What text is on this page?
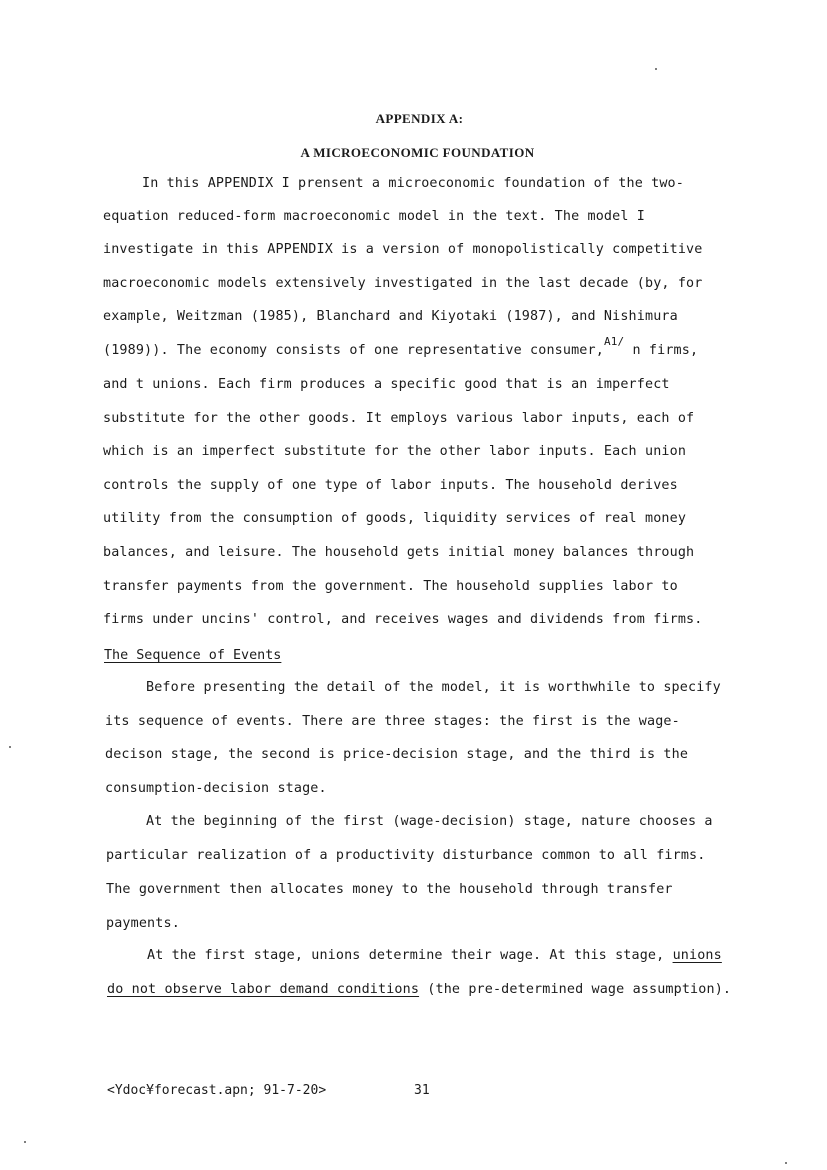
APPENDIX A:
A MICROECONOMIC FOUNDATION
In this APPENDIX I prensent a microeconomic foundation of the two-
equation reduced-form macroeconomic model in the text. The model I
investigate in this APPENDIX is a version of monopolistically competitive
macroeconomic models extensively investigated in the last decade (by, for
example, Weitzman (1985), Blanchard and Kiyotaki (1987), and Nishimura
(1989)). The economy consists of one representative consumer,$^{A1/}$ n firms,
and t unions. Each firm produces a specific good that is an imperfect
substitute for the other goods. It employs various labor inputs, each of
which is an imperfect substitute for the other labor inputs. Each union
controls the supply of one type of labor inputs. The household derives
utility from the consumption of goods, liquidity services of real money
balances, and leisure. The household gets initial money balances through
transfer payments from the government. The household supplies labor to
firms under uncins' control, and receives wages and dividends from firms.
The Sequence of Events
Before presenting the detail of the model, it is worthwhile to specify
its sequence of events. There are three stages: the first is the wage-
decison stage, the second is price-decision stage, and the third is the
consumption-decision stage.
At the beginning of the first (wage-decision) stage, nature chooses a
particular realization of a productivity disturbance common to all firms.
The government then allocates money to the household through transfer
payments.
At the first stage, unions determine their wage. At this stage, unions
do not observe labor demand conditions (the pre-determined wage assumption).
<Ydoc¥forecast.apn; 91-7-20>	31
